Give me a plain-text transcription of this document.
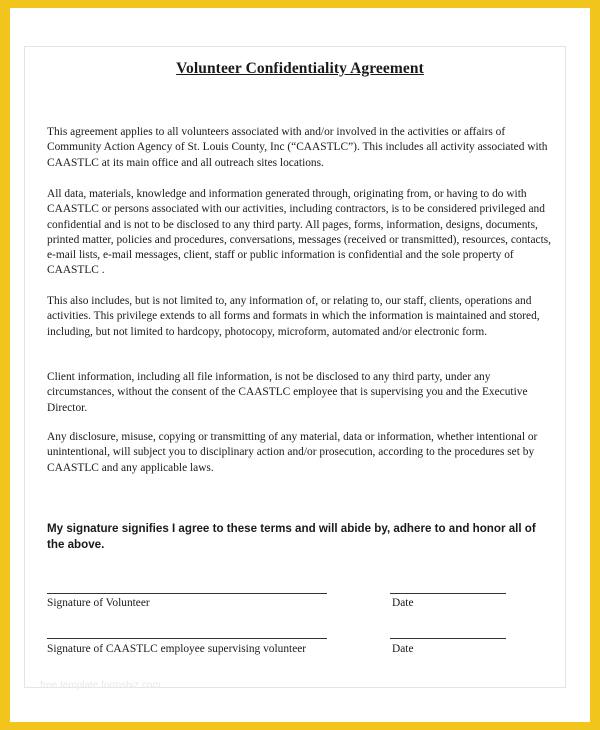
Volunteer Confidentiality Agreement

This agreement applies to all volunteers associated with and/or involved in the activities or affairs of Community Action Agency of St. Louis County, Inc (“CAASTLC”). This includes all activity associated with CAASTLC at its main office and all outreach sites locations.

All data, materials, knowledge and information generated through, originating from, or having to do with CAASTLC or persons associated with our activities, including contractors, is to be considered privileged and confidential and is not to be disclosed to any third party. All pages, forms, information, designs, documents, printed matter, policies and procedures, conversations, messages (received or transmitted), resources, contacts, e-mail lists, e-mail messages, client, staff or public information is confidential and the sole property of CAASTLC .

This also includes, but is not limited to, any information of, or relating to, our staff, clients, operations and activities. This privilege extends to all forms and formats in which the information is maintained and stored, including, but not limited to hardcopy, photocopy, microform, automated and/or electronic form.

Client information, including all file information, is not be disclosed to any third party, under any circumstances, without the consent of the CAASTLC employee that is supervising you and the Executive Director.

Any disclosure, misuse, copying or transmitting of any material, data or information, whether intentional or unintentional, will subject you to disciplinary action and/or prosecution, according to the procedures set by CAASTLC and any applicable laws.

My signature signifies I agree to these terms and will abide by, adhere to and honor all of the above.

Signature of Volunteer	Date
Signature of CAASTLC employee supervising volunteer	Date
free.template.formsbiz.com
